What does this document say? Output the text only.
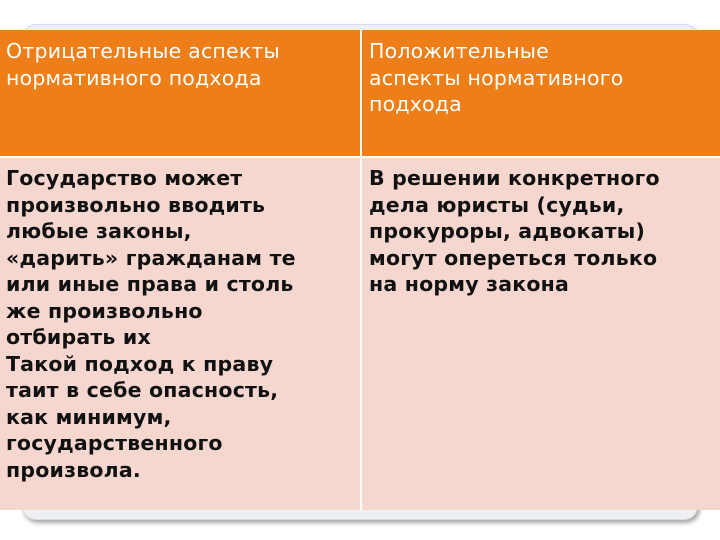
Отрицательные аспекты
нормативного подхода
Положительные
аспекты нормативного
подхода
Государство может
произвольно вводить
любые законы,
«дарить» гражданам те
или иные права и столь
же произвольно
отбирать их
Такой подход к праву
таит в себе опасность,
как минимум,
государственного
произвола.
В решении конкретного
дела юристы (судьи,
прокуроры, адвокаты)
могут опереться только
на норму закона
